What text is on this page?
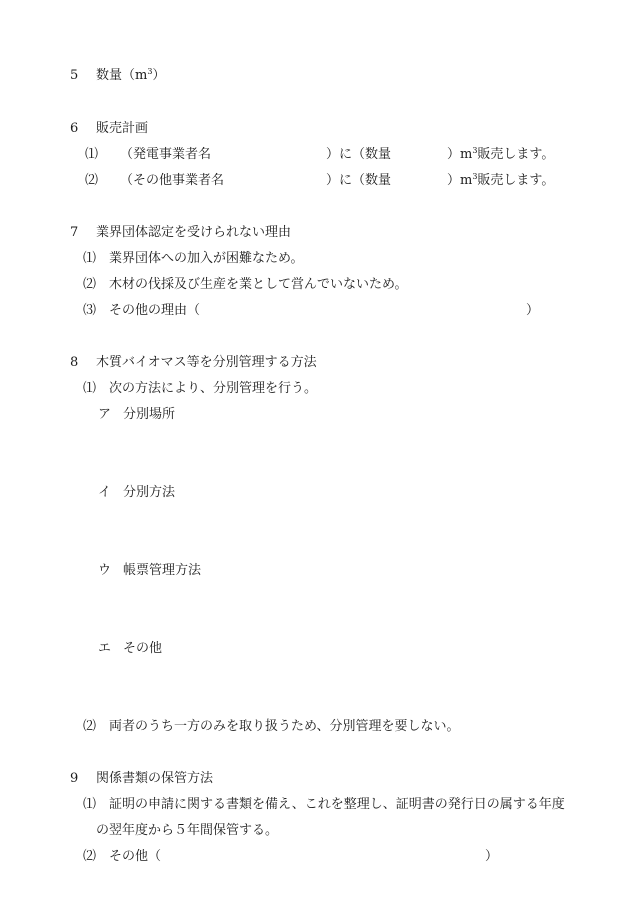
5 数量$(m^3)$
6 販売計画
⑴ （発電事業者名	）に（数量	）$m^3$販売します。
⑵ （その他事業者名	）に（数量	）$m^3$販売します。
7 業界団体認定を受けられない理由
⑴ 業界団体への加入が困難なため。
⑵ 木材の伐採及び生産を業として営んでいないため。
⑶ その他の理由（	）
8 木質バイオマス等を分別管理する方法
⑴ 次の方法により、分別管理を行う。
ア 分別場所
イ 分別方法
ウ 帳票管理方法
エ その他
⑵ 両者のうち一方のみを取り扱うため、分別管理を要しない。
9 関係書類の保管方法
⑴ 証明の申請に関する書類を備え、これを整理し、証明書の発行日の属する年度
の翌年度から５年間保管する。
⑵ その他（	）
